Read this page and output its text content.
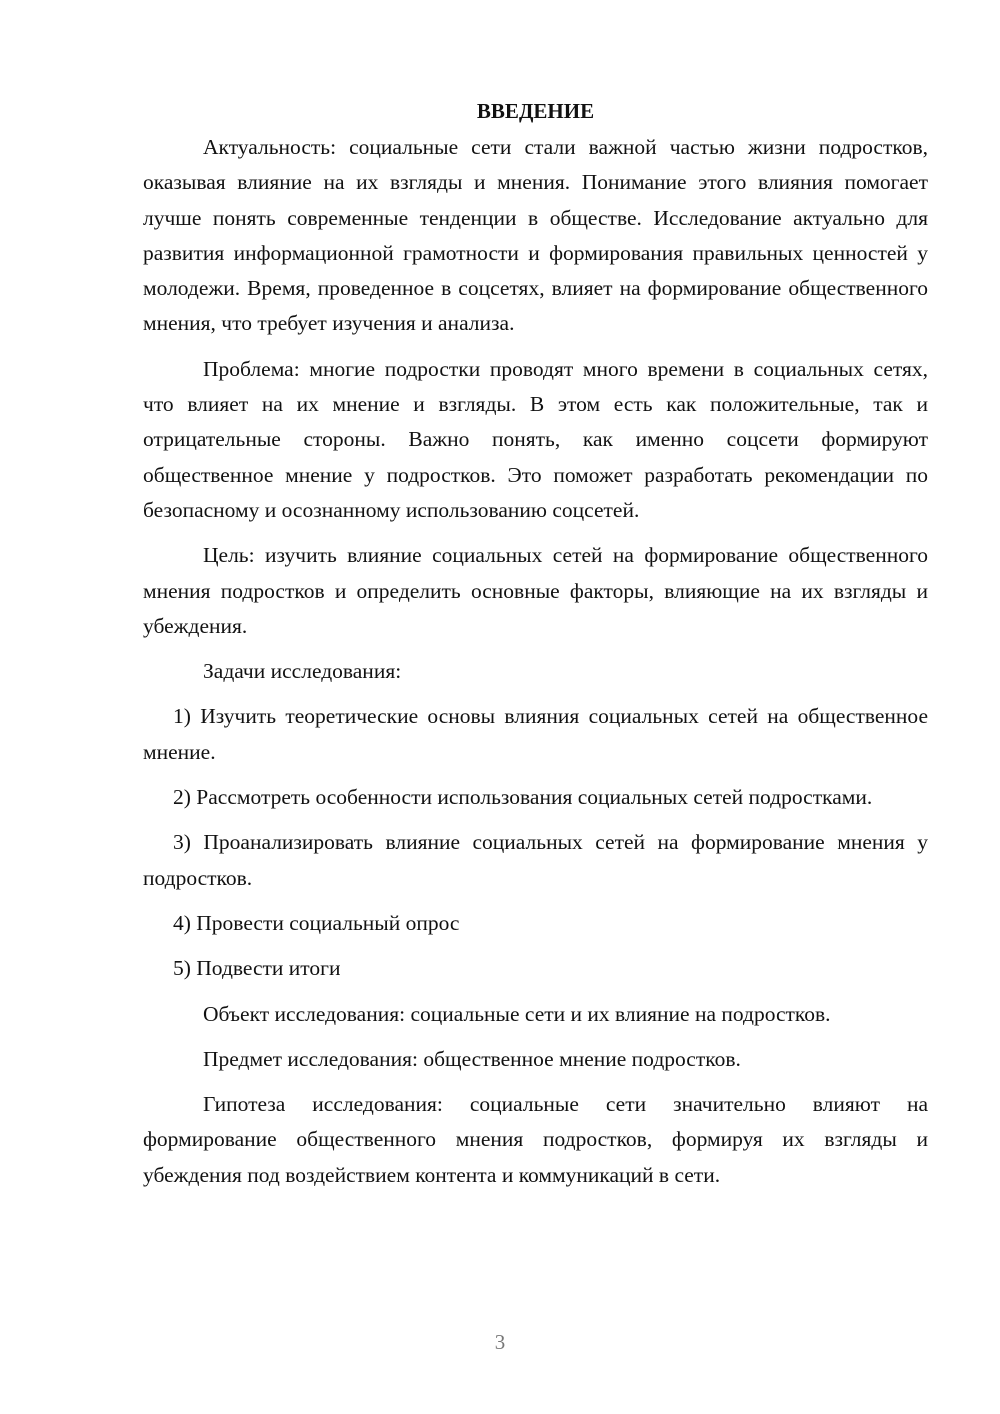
ВВЕДЕНИЕ

Актуальность: социальные сети стали важной частью жизни подростков, оказывая влияние на их взгляды и мнения. Понимание этого влияния помогает лучше понять современные тенденции в обществе. Исследование актуально для развития информационной грамотности и формирования правильных ценностей у молодежи. Время, проведенное в соцсетях, влияет на формирование общественного мнения, что требует изучения и анализа.

Проблема: многие подростки проводят много времени в социальных сетях, что влияет на их мнение и взгляды. В этом есть как положительные, так и отрицательные стороны. Важно понять, как именно соцсети формируют общественное мнение у подростков. Это поможет разработать рекомендации по безопасному и осознанному использованию соцсетей.

Цель: изучить влияние социальных сетей на формирование общественного мнения подростков и определить основные факторы, влияющие на их взгляды и убеждения.

Задачи исследования:

1) Изучить теоретические основы влияния социальных сетей на общественное мнение.

2) Рассмотреть особенности использования социальных сетей подростками.

3) Проанализировать влияние социальных сетей на формирование мнения у подростков.

4) Провести социальный опрос

5) Подвести итоги

Объект исследования: социальные сети и их влияние на подростков.

Предмет исследования: общественное мнение подростков.

Гипотеза исследования: социальные сети значительно влияют на формирование общественного мнения подростков, формируя их взгляды и убеждения под воздействием контента и коммуникаций в сети.

3
